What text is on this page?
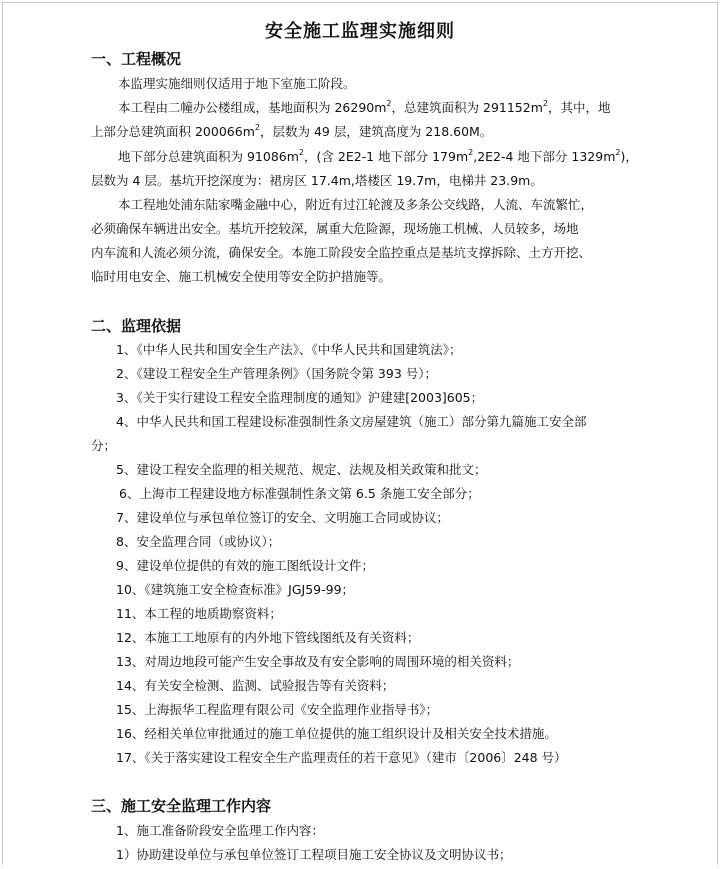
安全施工监理实施细则
一、工程概况
本监理实施细则仅适用于地下室施工阶段。
本工程由二幢办公楼组成，基地面积为 $26290m^2$，总建筑面积为 $291152m^2$，其中，地
上部分总建筑面积 $200066m^2$，层数为 49 层，建筑高度为 218.60M。
地下部分总建筑面积为 $91086m^2$，(含 2E2-1 地下部分 $179m^2,2E2-4$ 地下部分 $1329m^2$)，
层数为 4 层。基坑开挖深度为：裙房区 17.4m,塔楼区 19.7m，电梯井 23.9m。
本工程地处浦东陆家嘴金融中心，附近有过江轮渡及多条公交线路，人流、车流繁忙，
必须确保车辆进出安全。基坑开挖较深，属重大危险源，现场施工机械、人员较多，场地
内车流和人流必须分流，确保安全。本施工阶段安全监控重点是基坑支撑拆除、土方开挖、
临时用电安全、施工机械安全使用等安全防护措施等。
二、监理依据
1、《中华人民共和国安全生产法》、《中华人民共和国建筑法》；
2、《建设工程安全生产管理条例》（国务院令第 393 号）；
3、《关于实行建设工程安全监理制度的通知》沪建建[2003]605；
4、中华人民共和国工程建设标准强制性条文房屋建筑（施工）部分第九篇施工安全部
分；
5、建设工程安全监理的相关规范、规定、法规及相关政策和批文；
6、上海市工程建设地方标准强制性条文第 6.5 条施工安全部分；
7、建设单位与承包单位签订的安全、文明施工合同或协议；
8、安全监理合同（或协议）；
9、建设单位提供的有效的施工图纸设计文件；
10、《建筑施工安全检查标准》JGJ59-99；
11、本工程的地质勘察资料；
12、本施工工地原有的内外地下管线图纸及有关资料；
13、对周边地段可能产生安全事故及有安全影响的周围环境的相关资料；
14、有关安全检测、监测、试验报告等有关资料；
15、上海振华工程监理有限公司《安全监理作业指导书》；
16、经相关单位审批通过的施工单位提供的施工组织设计及相关安全技术措施。
17、《关于落实建设工程安全生产监理责任的若干意见》（建市〔2006〕248 号）
三、施工安全监理工作内容
1、施工准备阶段安全监理工作内容：
1）协助建设单位与承包单位签订工程项目施工安全协议及文明协议书；
